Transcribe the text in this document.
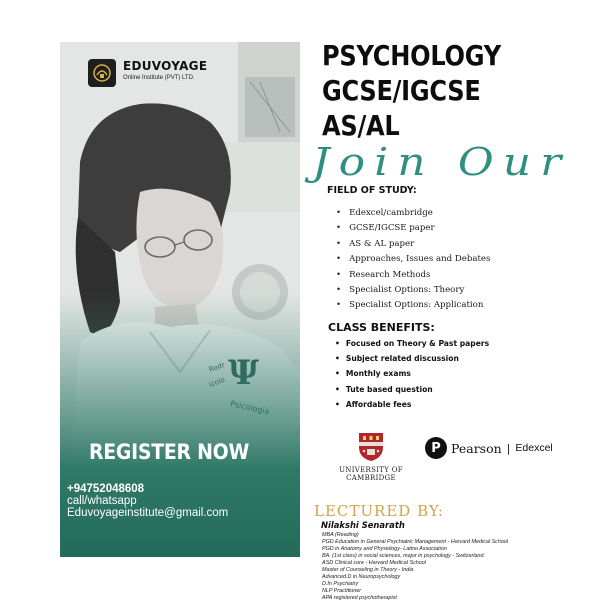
EDUVOYAGE
Online Institute (PVT) LTD.
REGISTER NOW
+94752048608
call/whatsapp
Eduvoyageinstitute@gmail.com
PSYCHOLOGY
GCSE/IGCSE
AS/AL
Join Our
FIELD OF STUDY:
• Edexcel/cambridge
• GCSE/IGCSE paper
• AS & AL paper
• Approaches, Issues and Debates
• Research Methods
• Specialist Options: Theory
• Specialist Options: Application
CLASS BENEFITS:
• Focused on Theory & Past papers
• Subject related discussion
• Monthly exams
• Tute based question
• Affordable fees
UNIVERSITY OF
CAMBRIDGE
P Pearson | Edexcel
LECTURED BY:
Nilakshi Senarath
MBA (Reading)
PGD Education in General Psychiatric Management - Harvard Medical School
PGD in Anatomy and Physiology- Latino Association
BA. (1st class) in social sciences, major in psychology - Switzerland.
ASD Clinical core - Harvard Medical School
Master of Counseling in Theory - India
Advanced.D in Neuropsychology
D.In Psychiatry
NLP Practitioner
APA registered psychotherapist
